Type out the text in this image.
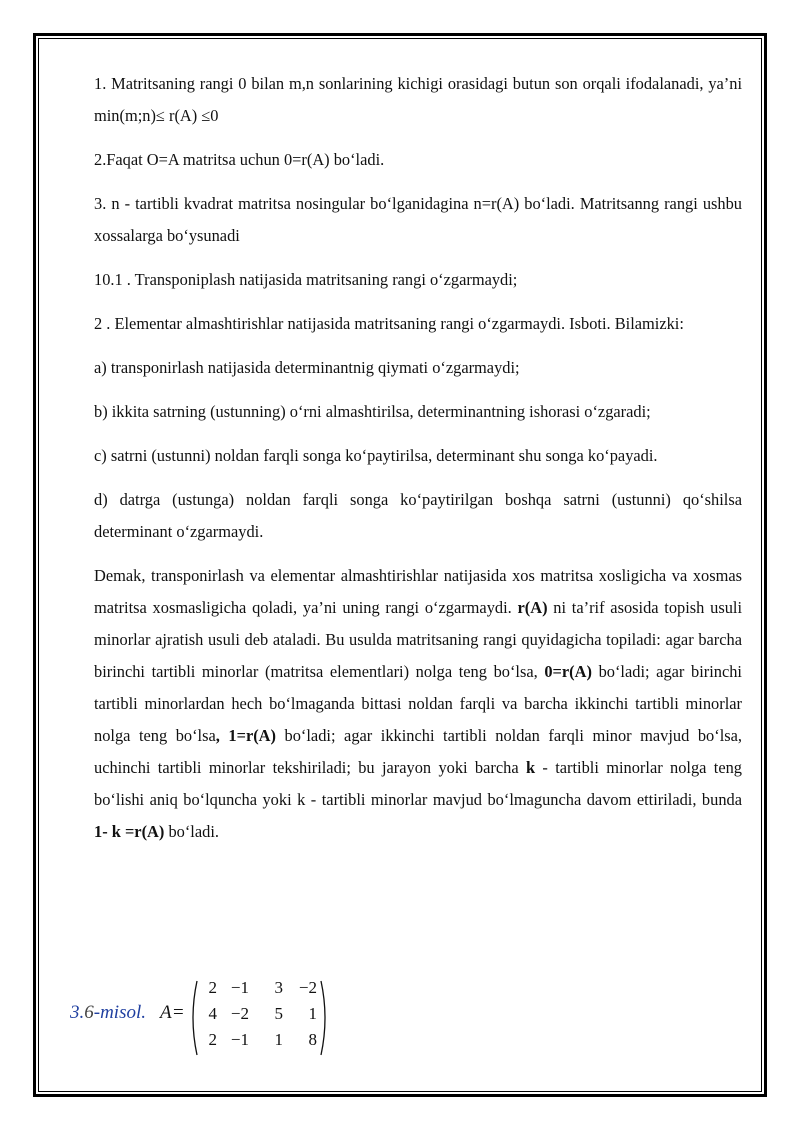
1. Matritsaning rangi 0 bilan m,n sonlarining kichigi orasidagi butun son orqali ifodalanadi, ya’ni min(m;n)≤ r(A) ≤0

2.Faqat O=A matritsa uchun 0=r(A) bo‘ladi.

3. n - tartibli kvadrat matritsa nosingular bo‘lganidagina n=r(A) bo‘ladi. Matritsanng rangi ushbu xossalarga bo‘ysunadi

10.1 . Transponiplash natijasida matritsaning rangi o‘zgarmaydi;

2 . Elementar almashtirishlar natijasida matritsaning rangi o‘zgarmaydi. Isboti. Bilamizki:

a) transponirlash natijasida determinantnig qiymati o‘zgarmaydi;

b) ikkita satrning (ustunning) o‘rni almashtirilsa, determinantning ishorasi o‘zgaradi;

c) satrni (ustunni) noldan farqli songa ko‘paytirilsa, determinant shu songa ko‘payadi.

d) datrga (ustunga) noldan farqli songa ko‘paytirilgan boshqa satrni (ustunni) qo‘shilsa determinant o‘zgarmaydi.

Demak, transponirlash va elementar almashtirishlar natijasida xos matritsa xosligicha va xosmas matritsa xosmasligicha qoladi, ya’ni uning rangi o‘zgarmaydi. r(A) ni ta’rif asosida topish usuli minorlar ajratish usuli deb ataladi. Bu usulda matritsaning rangi quyidagicha topiladi: agar barcha birinchi tartibli minorlar (matritsa elementlari) nolga teng bo‘lsa, 0=r(A) bo‘ladi; agar birinchi tartibli minorlardan hech bo‘lmaganda bittasi noldan farqli va barcha ikkinchi tartibli minorlar nolga teng bo‘lsa, 1=r(A) bo‘ladi; agar ikkinchi tartibli noldan farqli minor mavjud bo‘lsa, uchinchi tartibli minorlar tekshiriladi; bu jarayon yoki barcha k - tartibli minorlar nolga teng bo‘lishi aniq bo‘lquncha yoki k - tartibli minorlar mavjud bo‘lmaguncha davom ettiriladi, bunda 1- k =r(A) bo‘ladi.

3.6-misol. A =
2 −1	3 −2
4 −2	5	1
2 −1	1	8
